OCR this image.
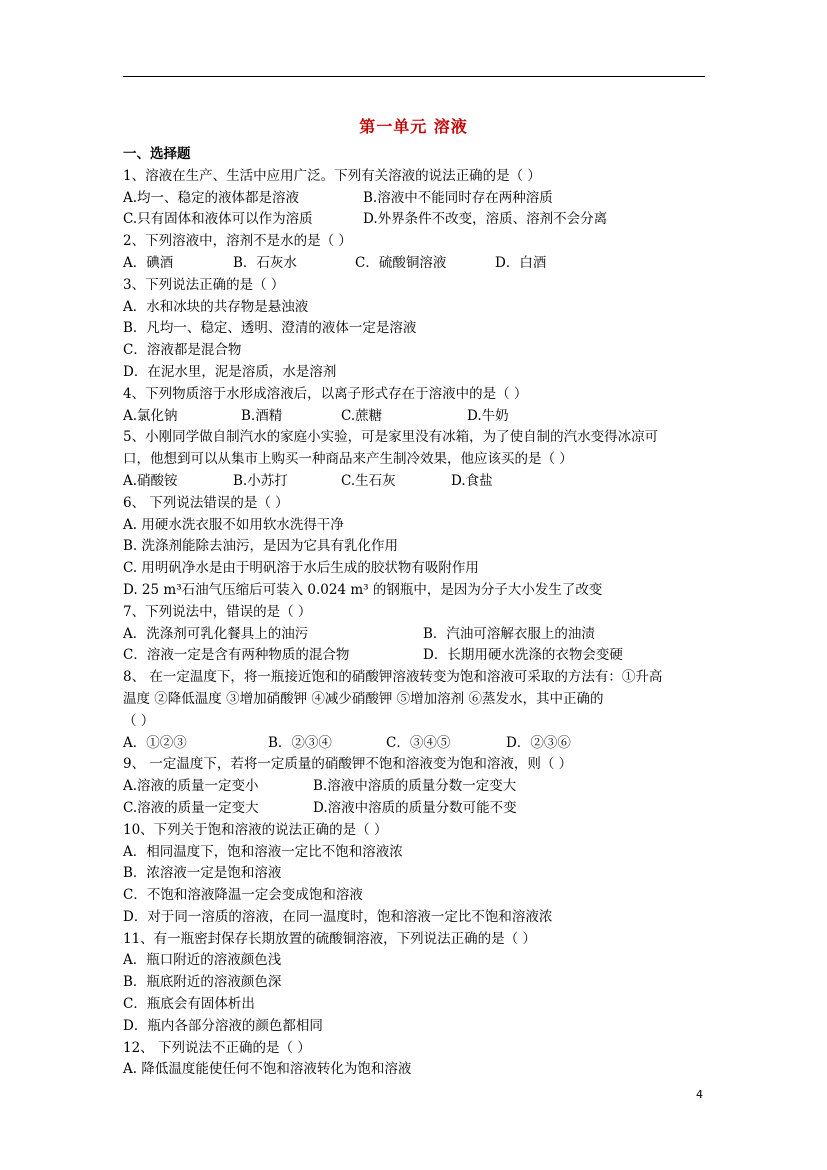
第一单元 溶液
一、选择题
1、溶液在生产、生活中应用广泛。下列有关溶液的说法正确的是（ ）
A.均一、稳定的液体都是溶液	B.溶液中不能同时存在两种溶质
C.只有固体和液体可以作为溶质	D.外界条件不改变，溶质、溶剂不会分离
2、下列溶液中，溶剂不是水的是（ ）
A．碘酒	B．石灰水	C．硫酸铜溶液	D．白酒
3、下列说法正确的是（ ）
A．水和冰块的共存物是悬浊液
B．凡均一、稳定、透明、澄清的液体一定是溶液
C．溶液都是混合物
D．在泥水里，泥是溶质，水是溶剂
4、下列物质溶于水形成溶液后，以离子形式存在于溶液中的是（ ）
A.氯化钠	B.酒精	C.蔗糖	D.牛奶
5、小刚同学做自制汽水的家庭小实验，可是家里没有冰箱，为了使自制的汽水变得冰凉可
口，他想到可以从集市上购买一种商品来产生制冷效果，他应该买的是（ ）
A.硝酸铵	B.小苏打	C.生石灰	D.食盐
6、 下列说法错误的是（ ）
A. 用硬水洗衣服不如用软水洗得干净
B. 洗涤剂能除去油污，是因为它具有乳化作用
C. 用明矾净水是由于明矾溶于水后生成的胶状物有吸附作用
D. 25 m³石油气压缩后可装入 0.024 m³ 的钢瓶中，是因为分子大小发生了改变
7、下列说法中，错误的是（ ）
A．洗涤剂可乳化餐具上的油污	B．汽油可溶解衣服上的油渍
C．溶液一定是含有两种物质的混合物	D．长期用硬水洗涤的衣物会变硬
8、 在一定温度下，将一瓶接近饱和的硝酸钾溶液转变为饱和溶液可采取的方法有：①升高
温度 ②降低温度 ③增加硝酸钾 ④减少硝酸钾 ⑤增加溶剂 ⑥蒸发水，其中正确的
（ ）
A．①②③	B．②③④	C．③④⑤	D．②③⑥
9、 一定温度下，若将一定质量的硝酸钾不饱和溶液变为饱和溶液，则（ ）
A.溶液的质量一定变小	B.溶液中溶质的质量分数一定变大
C.溶液的质量一定变大	D.溶液中溶质的质量分数可能不变
10、下列关于饱和溶液的说法正确的是（ ）
A．相同温度下，饱和溶液一定比不饱和溶液浓
B．浓溶液一定是饱和溶液
C．不饱和溶液降温一定会变成饱和溶液
D．对于同一溶质的溶液，在同一温度时，饱和溶液一定比不饱和溶液浓
11、有一瓶密封保存长期放置的硫酸铜溶液，下列说法正确的是（ ）
A．瓶口附近的溶液颜色浅
B．瓶底附近的溶液颜色深
C．瓶底会有固体析出
D．瓶内各部分溶液的颜色都相同
12、 下列说法不正确的是（ ）
A. 降低温度能使任何不饱和溶液转化为饱和溶液
4
